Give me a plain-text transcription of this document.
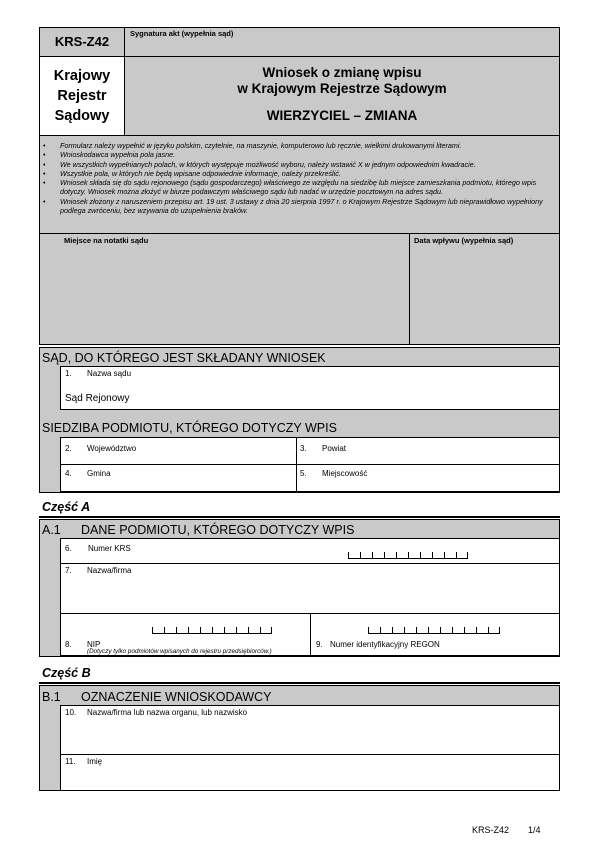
KRS-Z42
Sygnatura akt (wypełnia sąd)
Krajowy
Rejestr
Sądowy
Wniosek o zmianę wpisu
w Krajowym Rejestrze Sądowym
WIERZYCIEL – ZMIANA
• Formularz należy wypełnić w języku polskim, czytelnie, na maszynie, komputerowo lub ręcznie, wielkimi drukowanymi literami.
• Wnioskodawca wypełnia pola jasne.
• We wszystkich wypełnianych polach, w których występuje możliwość wyboru, należy wstawić X w jednym odpowiednim kwadracie.
• Wszystkie pola, w których nie będą wpisane odpowiednie informacje, należy przekreślić.
• Wniosek składa się do sądu rejonowego (sądu gospodarczego) właściwego ze względu na siedzibę lub miejsce zamieszkania podmiotu, którego wpis dotyczy. Wniosek można złożyć w biurze podawczym właściwego sądu lub nadać w urzędzie pocztowym na adres sądu.
• Wniosek złożony z naruszeniem przepisu art. 19 ust. 3 ustawy z dnia 20 sierpnia 1997 r. o Krajowym Rejestrze Sądowym lub nieprawidłowo wypełniony podlega zwróceniu, bez wzywania do uzupełnienia braków.
Miejsce na notatki sądu	Data wpływu (wypełnia sąd)
SĄD, DO KTÓREGO JEST SKŁADANY WNIOSEK
1. Nazwa sądu
Sąd Rejonowy
SIEDZIBA PODMIOTU, KTÓREGO DOTYCZY WPIS
2. Województwo	3. Powiat
4. Gmina	5. Miejscowość
Część A
A.1 DANE PODMIOTU, KTÓREGO DOTYCZY WPIS
6. Numer KRS
7. Nazwa/firma
8. NIP
(Dotyczy tylko podmiotów wpisanych do rejestru przedsiębiorców.)
9. Numer identyfikacyjny REGON
Część B
B.1 OZNACZENIE WNIOSKODAWCY
10. Nazwa/firma lub nazwa organu, lub nazwisko
11. Imię
KRS-Z42 1/4
